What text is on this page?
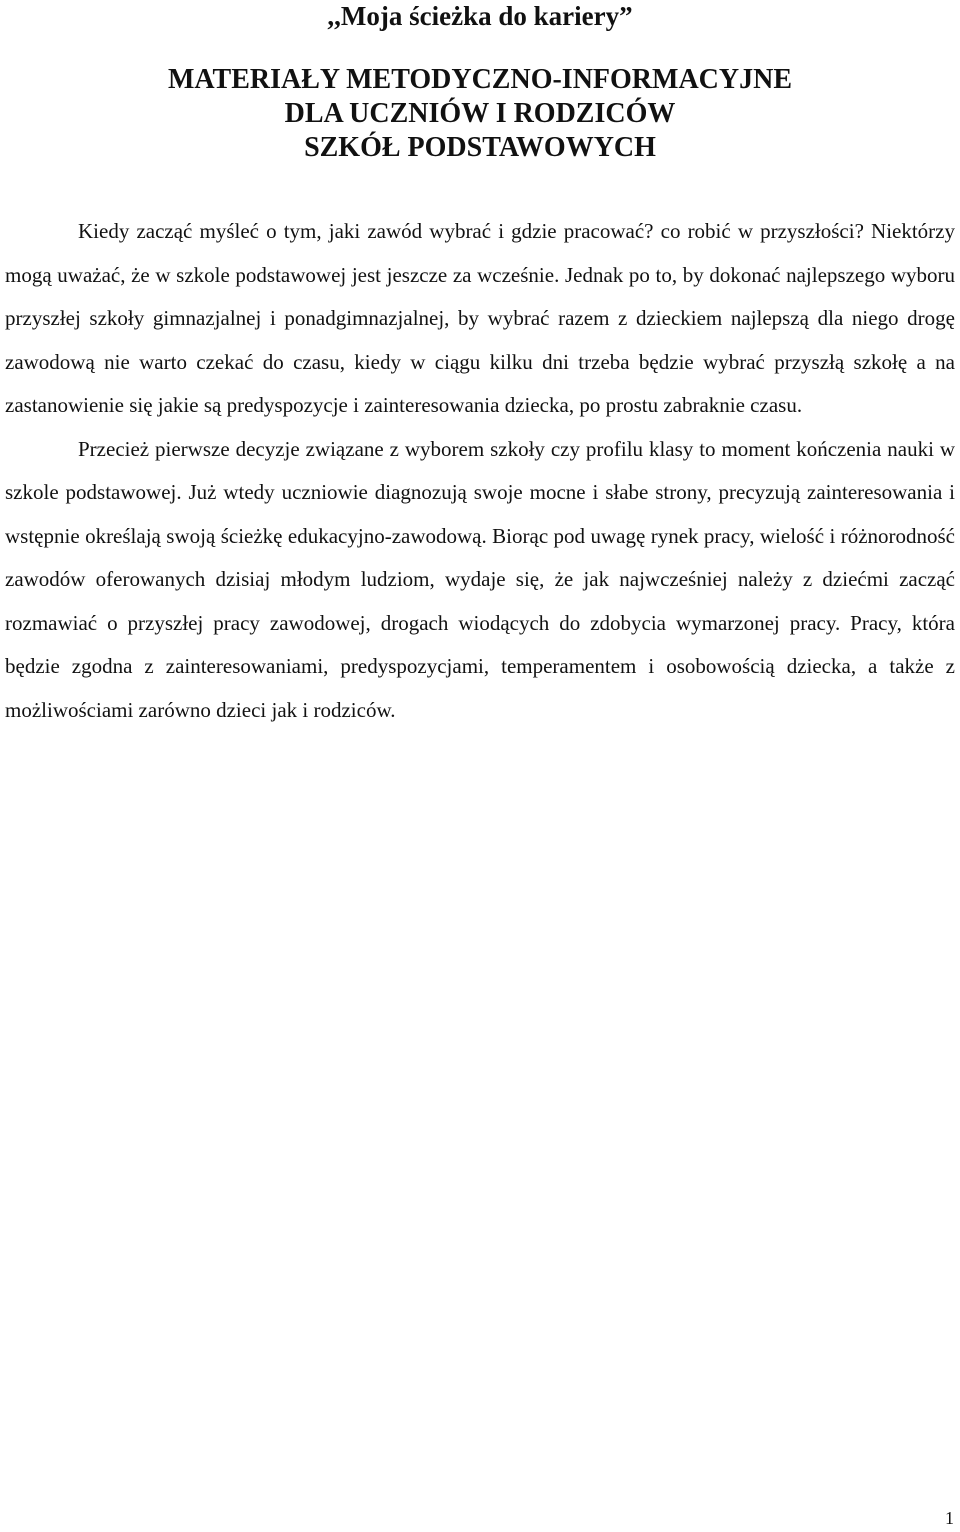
,,Moja ścieżka do kariery”
MATERIAŁY METODYCZNO-INFORMACYJNE
DLA UCZNIÓW I RODZICÓW
SZKÓŁ PODSTAWOWYCH

Kiedy zacząć myśleć o tym, jaki zawód wybrać i gdzie pracować? co robić w przyszłości? Niektórzy mogą uważać, że w szkole podstawowej jest jeszcze za wcześnie. Jednak po to, by dokonać najlepszego wyboru przyszłej szkoły gimnazjalnej i ponadgimnazjalnej, by wybrać razem z dzieckiem najlepszą dla niego drogę zawodową nie warto czekać do czasu, kiedy w ciągu kilku dni trzeba będzie wybrać przyszłą szkołę a na zastanowienie się jakie są predyspozycje i zainteresowania dziecka, po prostu zabraknie czasu.

Przecież pierwsze decyzje związane z wyborem szkoły czy profilu klasy to moment kończenia nauki w szkole podstawowej. Już wtedy uczniowie diagnozują swoje mocne i słabe strony, precyzują zainteresowania i wstępnie określają swoją ścieżkę edukacyjno-zawodową. Biorąc pod uwagę rynek pracy, wielość i różnorodność zawodów oferowanych dzisiaj młodym ludziom, wydaje się, że jak najwcześniej należy z dziećmi zacząć rozmawiać o przyszłej pracy zawodowej, drogach wiodących do zdobycia wymarzonej pracy. Pracy, która będzie zgodna z zainteresowaniami, predyspozycjami, temperamentem i osobowością dziecka, a także z możliwościami zarówno dzieci jak i rodziców.

1
